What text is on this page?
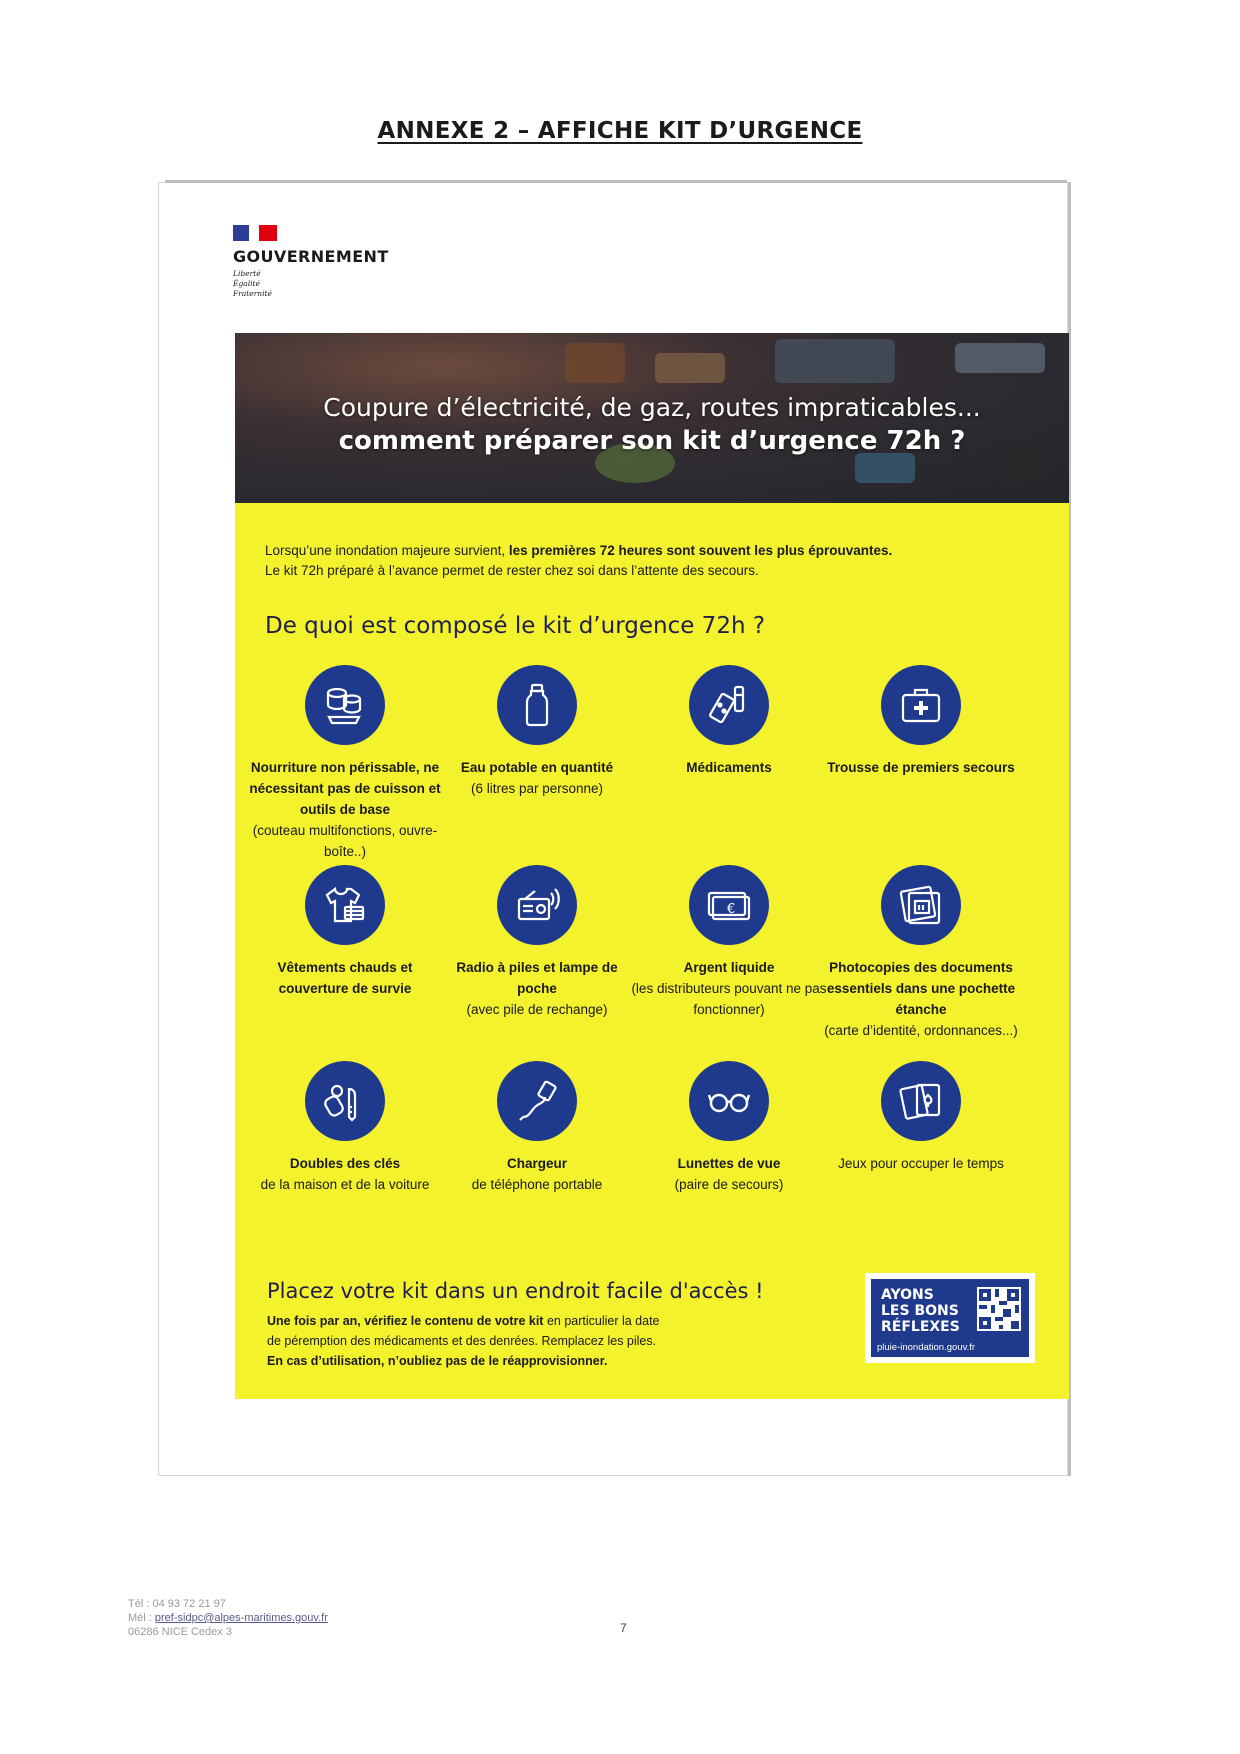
ANNEXE 2 – AFFICHE KIT D’URGENCE
GOUVERNEMENT
Liberté
Égalité
Fraternité
Coupure d’électricité, de gaz, routes impraticables...
comment préparer son kit d’urgence 72h ?
Lorsqu’une inondation majeure survient, les premières 72 heures sont souvent les plus éprouvantes.
Le kit 72h préparé à l’avance permet de rester chez soi dans l’attente des secours.
De quoi est composé le kit d’urgence 72h ?
Nourriture non périssable, ne nécessitant pas de cuisson et outils de base
(couteau multifonctions, ouvre-boîte..)
Eau potable en quantité
(6 litres par personne)
Médicaments	Trousse de premiers secours
Vêtements chauds et couverture de survie
Radio à piles et lampe de poche
(avec pile de rechange)
€
Argent liquide
(les distributeurs pouvant ne pas fonctionner)
Photocopies des documents essentiels dans une pochette étanche
(carte d’identité, ordonnances...)
Doubles des clés
de la maison et de la voiture
Chargeur
de téléphone portable
Lunettes de vue
(paire de secours)
Jeux pour occuper le temps
Placez votre kit dans un endroit facile d'accès !
Une fois par an, vérifiez le contenu de votre kit en particulier la date
de péremption des médicaments et des denrées. Remplacez les piles.
En cas d’utilisation, n’oubliez pas de le réapprovisionner.
AYONS
LES BONS
RÉFLEXES
pluie-inondation.gouv.fr
Tél : 04 93 72 21 97
Mél : pref-sidpc@alpes-maritimes.gouv.fr
06286 NICE Cedex 3	7
